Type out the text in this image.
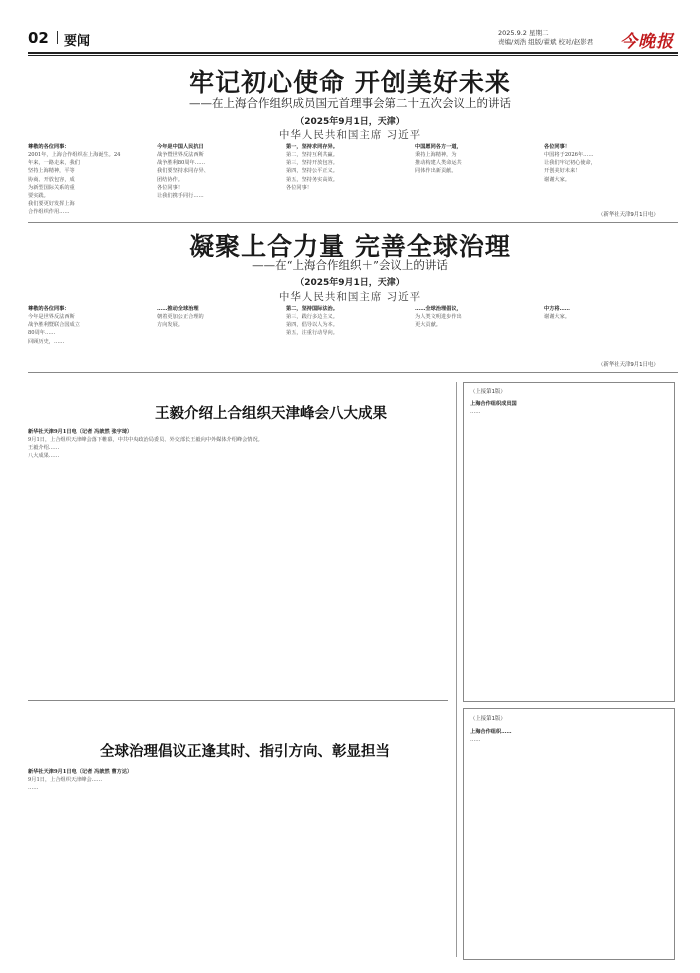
02 要闻
2025.9.2 星期二
责编/刘浩 组版/翟斌 校对/赵影君 今晚报
牢记初心使命 开创美好未来
——在上海合作组织成员国元首理事会第二十五次会议上的讲话
（2025年9月1日，天津）
中华人民共和国主席 习近平
尊敬的各位同事：
2001年，上海合作组织在上海诞生。24
年来，一路走来，我们
坚持上海精神，平等
协商、开放包容，成
为新型国际关系的重
要实践。
我们要更好发挥上海
合作组织作用……
今年是中国人民抗日
战争暨世界反法西斯
战争胜利80周年……
我们要坚持求同存异、
团结协作。
各位同事！
让我们携手同行……
第一，坚持求同存异。
第二，坚持互利共赢。
第三，坚持开放包容。
第四，坚持公平正义。
第五，坚持务实高效。
各位同事！
中国愿同各方一道，
秉持上海精神，为
推动构建人类命运共
同体作出新贡献。
各位同事！
中国将于2026年……
让我们牢记初心使命，
开创美好未来！
谢谢大家。
（新华社天津9月1日电）
凝聚上合力量 完善全球治理
——在“上海合作组织＋”会议上的讲话
（2025年9月1日，天津）
中华人民共和国主席 习近平
尊敬的各位同事：
今年是世界反法西斯
战争胜利暨联合国成立
80周年……
回顾历史，……
……推动全球治理
朝着更加公正合理的
方向发展。
第二，坚持国际法治。
第三，践行多边主义。
第四，倡导以人为本。
第五，注重行动导向。
……全球治理倡议，
为人类文明进步作出
更大贡献。
中方将……
谢谢大家。
（新华社天津9月1日电）
王毅介绍上合组织天津峰会八大成果
新华社天津9月1日电（记者 冯歆然 张宇琦）
9月1日，上合组织天津峰会落下帷幕，中共中央政治局委员、外交部长王毅向中外媒体介绍峰会情况。
王毅介绍……
八大成果……
全球治理倡议正逢其时、指引方向、彰显担当
新华社天津9月1日电（记者 冯歆然 曹方达）
9月1日，上合组织天津峰会……
……
（上接第1版）
上海合作组织成员国
……
（上接第1版）
上海合作组织……
……
